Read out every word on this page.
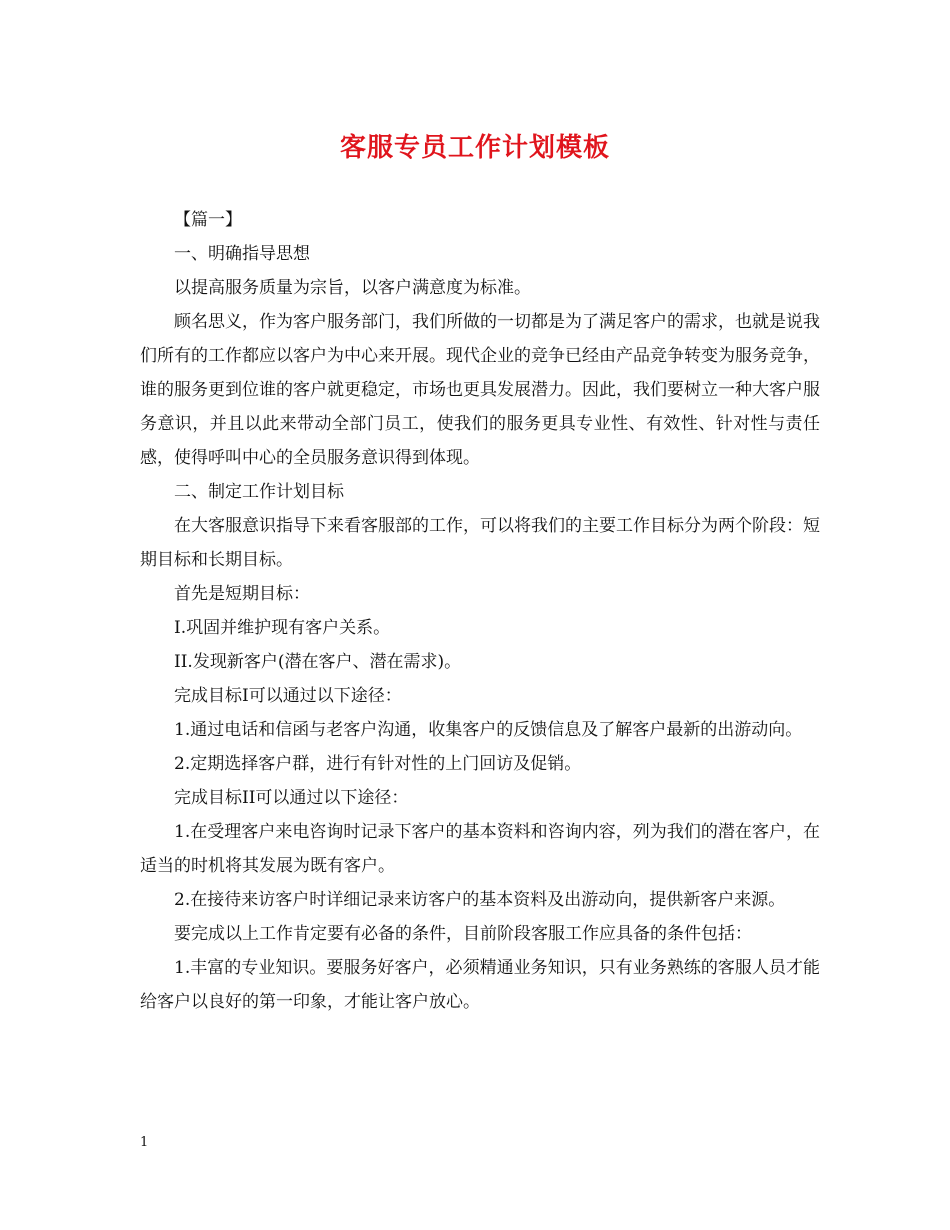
客服专员工作计划模板

【篇一】

一、明确指导思想

以提高服务质量为宗旨，以客户满意度为标准。

顾名思义，作为客户服务部门，我们所做的一切都是为了满足客户的需求，也就是说我们所有的工作都应以客户为中心来开展。现代企业的竞争已经由产品竞争转变为服务竞争，谁的服务更到位谁的客户就更稳定，市场也更具发展潜力。因此，我们要树立一种大客户服务意识，并且以此来带动全部门员工，使我们的服务更具专业性、有效性、针对性与责任感，使得呼叫中心的全员服务意识得到体现。

二、制定工作计划目标

在大客服意识指导下来看客服部的工作，可以将我们的主要工作目标分为两个阶段：短期目标和长期目标。

首先是短期目标：

I.巩固并维护现有客户关系。

II.发现新客户(潜在客户、潜在需求)。

完成目标I可以通过以下途径：

1.通过电话和信函与老客户沟通，收集客户的反馈信息及了解客户最新的出游动向。

2.定期选择客户群，进行有针对性的上门回访及促销。

完成目标II可以通过以下途径：

1.在受理客户来电咨询时记录下客户的基本资料和咨询内容，列为我们的潜在客户，在适当的时机将其发展为既有客户。

2.在接待来访客户时详细记录来访客户的基本资料及出游动向，提供新客户来源。

要完成以上工作肯定要有必备的条件，目前阶段客服工作应具备的条件包括：

1.丰富的专业知识。要服务好客户，必须精通业务知识，只有业务熟练的客服人员才能给客户以良好的第一印象，才能让客户放心。

1
